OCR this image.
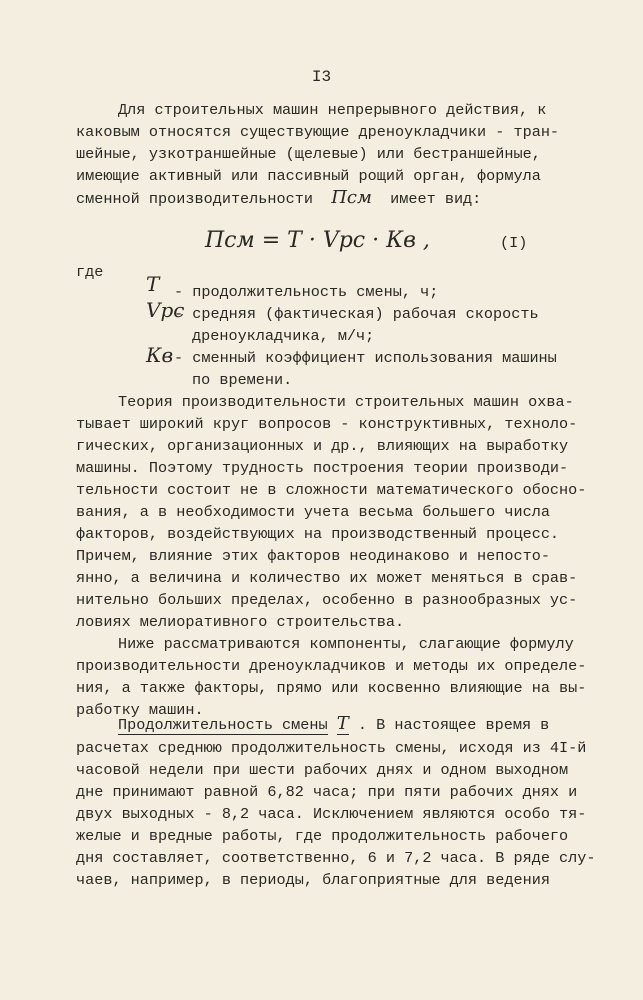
I3
Для строительных машин непрерывного действия, к
каковым относятся существующие дреноукладчики - тран-
шейные, узкотраншейные (щелевые) или бестраншейные,
имеющие активный или пассивный рощий орган, формула
сменной производительности Псм имеет вид:
Псм = T · Vрс · Кв ,	(I)
где T - продолжительность смены, ч;
Vрс
- средняя (фактическая) рабочая скорость
дреноукладчика, м/ч;
Кв - сменный коэффициент использования машины
по времени.
Теория производительности строительных машин охва-
тывает широкий круг вопросов - конструктивных, техноло-
гических, организационных и др., влияющих на выработку
машины. Поэтому трудность построения теории производи-
тельности состоит не в сложности математического обосно-
вания, а в необходимости учета весьма большего числа
факторов, воздействующих на производственный процесс.
Причем, влияние этих факторов неодинаково и непосто-
янно, а величина и количество их может меняться в срав-
нительно больших пределах, особенно в разнообразных ус-
ловиях мелиоративного строительства.
Ниже рассматриваются компоненты, слагающие формулу
производительности дреноукладчиков и методы их определе-
ния, а также факторы, прямо или косвенно влияющие на вы-
работку машин.
Продолжительность смены T . В настоящее время в
расчетах среднюю продолжительность смены, исходя из 4I-й
часовой недели при шести рабочих днях и одном выходном
дне принимают равной 6,82 часа; при пяти рабочих днях и
двух выходных - 8,2 часа. Исключением являются особо тя-
желые и вредные работы, где продолжительность рабочего
дня составляет, соответственно, 6 и 7,2 часа. В ряде слу-
чаев, например, в периоды, благоприятные для ведения
